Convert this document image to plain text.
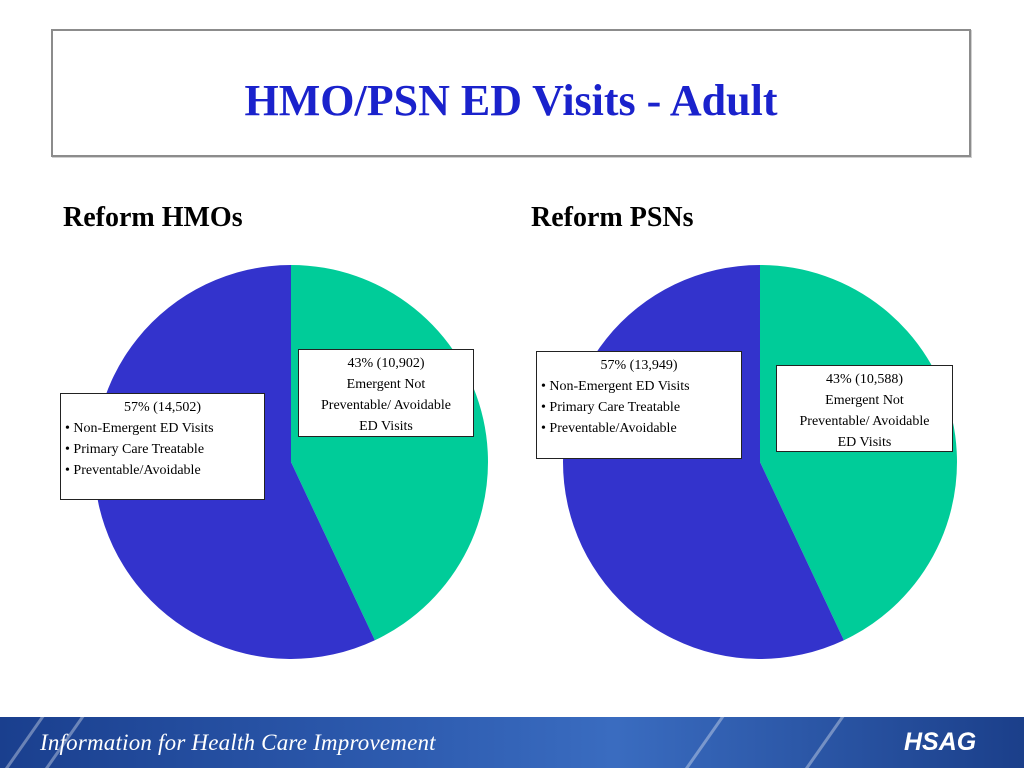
HMO/PSN ED Visits - Adult
Reform HMOs	Reform PSNs
57% (14,502)
• Non-Emergent ED Visits
• Primary Care Treatable
• Preventable/Avoidable
43% (10,902)
Emergent Not
Preventable/ Avoidable
ED Visits
57% (13,949)
• Non-Emergent ED Visits
• Primary Care Treatable
• Preventable/Avoidable
43% (10,588)
Emergent Not
Preventable/ Avoidable
ED Visits
Information for Health Care Improvement	HSAG
